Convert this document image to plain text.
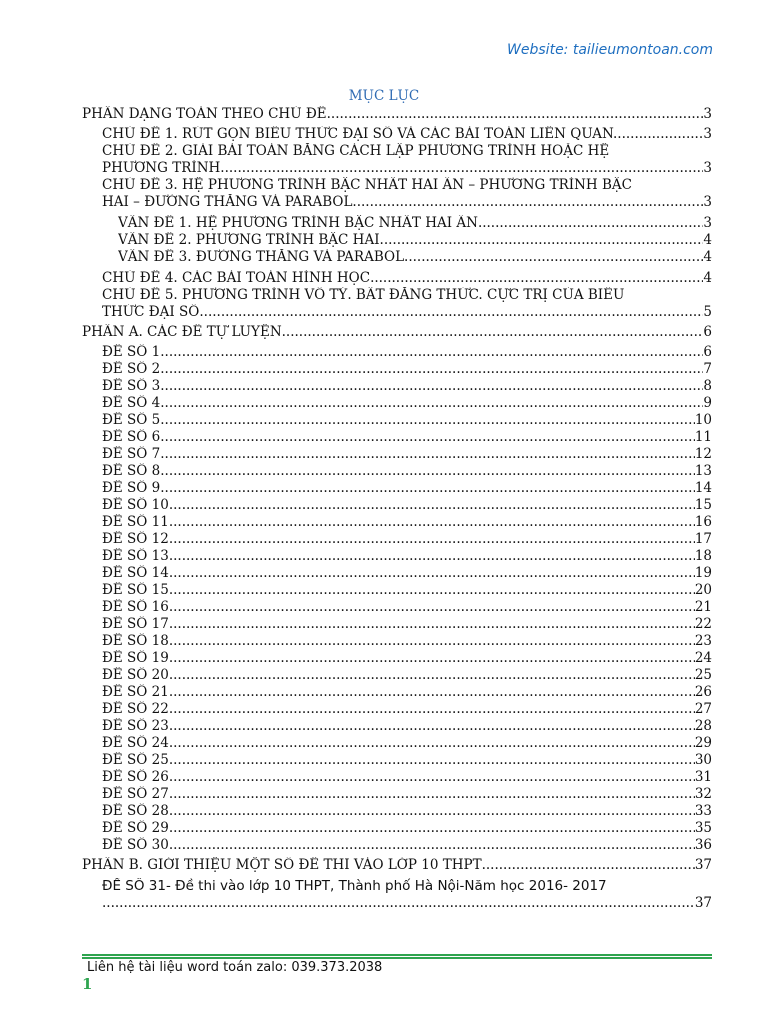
Website: tailieumontoan.com
MỤC LỤC
PHÂN DẠNG TOÁN THEO CHỦ ĐỀ .....	3
CHỦ ĐỀ 1. RÚT GỌN BIỂU THỨC ĐẠI SỐ VÀ CÁC BÀI TOÁN LIÊN QUAN. .....	3
CHỦ ĐỀ 2. GIẢI BÀI TOÁN BẰNG CÁCH LẬP PHƯƠNG TRÌNH HOẶC HỆ
PHƯƠNG TRÌNH .....	3
CHỦ ĐỀ 3. HỆ PHƯƠNG TRÌNH BẬC NHẤT HAI ẨN – PHƯƠNG TRÌNH BẬC
HAI – ĐƯỜNG THẲNG VÀ PARABOL .....	3
VẤN ĐỀ 1. HỆ PHƯƠNG TRÌNH BẬC NHẤT HAI ẨN .....	3
VẤN ĐỀ 2. PHƯƠNG TRÌNH BẬC HAI .....	4
VẤN ĐỀ 3. ĐƯỜNG THẲNG VÀ PARABOL .....	4
CHỦ ĐỀ 4. CÁC BÀI TOÁN HÌNH HỌC .....	4
CHỦ ĐỀ 5. PHƯƠNG TRÌNH VÔ TỶ. BẤT ĐẲNG THỨC. CỰC TRỊ CỦA BIỂU
THỨC ĐẠI SỐ .....	5
PHẦN A. CÁC ĐỀ TỰ LUYỆN .....	6
ĐỀ SỐ 1 .....	6
ĐỀ SỐ 2 .....	7
ĐỀ SỐ 3 .....	8
ĐỀ SỐ 4 .....	9
ĐỀ SỐ 5 .....	10
ĐỀ SỐ 6 .....	11
ĐỀ SỐ 7 .....	12
ĐỀ SỐ 8 .....	13
ĐỀ SỐ 9 .....	14
ĐỀ SỐ 10 .....	15
ĐỀ SỐ 11 .....	16
ĐỀ SỐ 12 .....	17
ĐỀ SỐ 13 .....	18
ĐỀ SỐ 14 .....	19
ĐỀ SỐ 15 .....	20
ĐỀ SỐ 16 .....	21
ĐỀ SỐ 17 .....	22
ĐỀ SỐ 18 .....	23
ĐỀ SỐ 19 .....	24
ĐỀ SỐ 20 .....	25
ĐỀ SỐ 21 .....	26
ĐỀ SỐ 22 .....	27
ĐỀ SỐ 23 .....	28
ĐỀ SỐ 24 .....	29
ĐỀ SỐ 25 .....	30
ĐỀ SỐ 26 .....	31
ĐỀ SỐ 27 .....	32
ĐỀ SỐ 28 .....	33
ĐỀ SỐ 29 .....	35
ĐỀ SỐ 30 .....	36
PHẦN B. GIỚI THIỆU MỘT SỐ ĐỀ THI VÀO LỚP 10 THPT .....	37
ĐỀ SỐ 31- Đề thi vào lớp 10 THPT, Thành phố Hà Nội-Năm học 2016- 2017
.....
37
Liên hệ tài liệu word toán zalo: 039.373.2038
1
